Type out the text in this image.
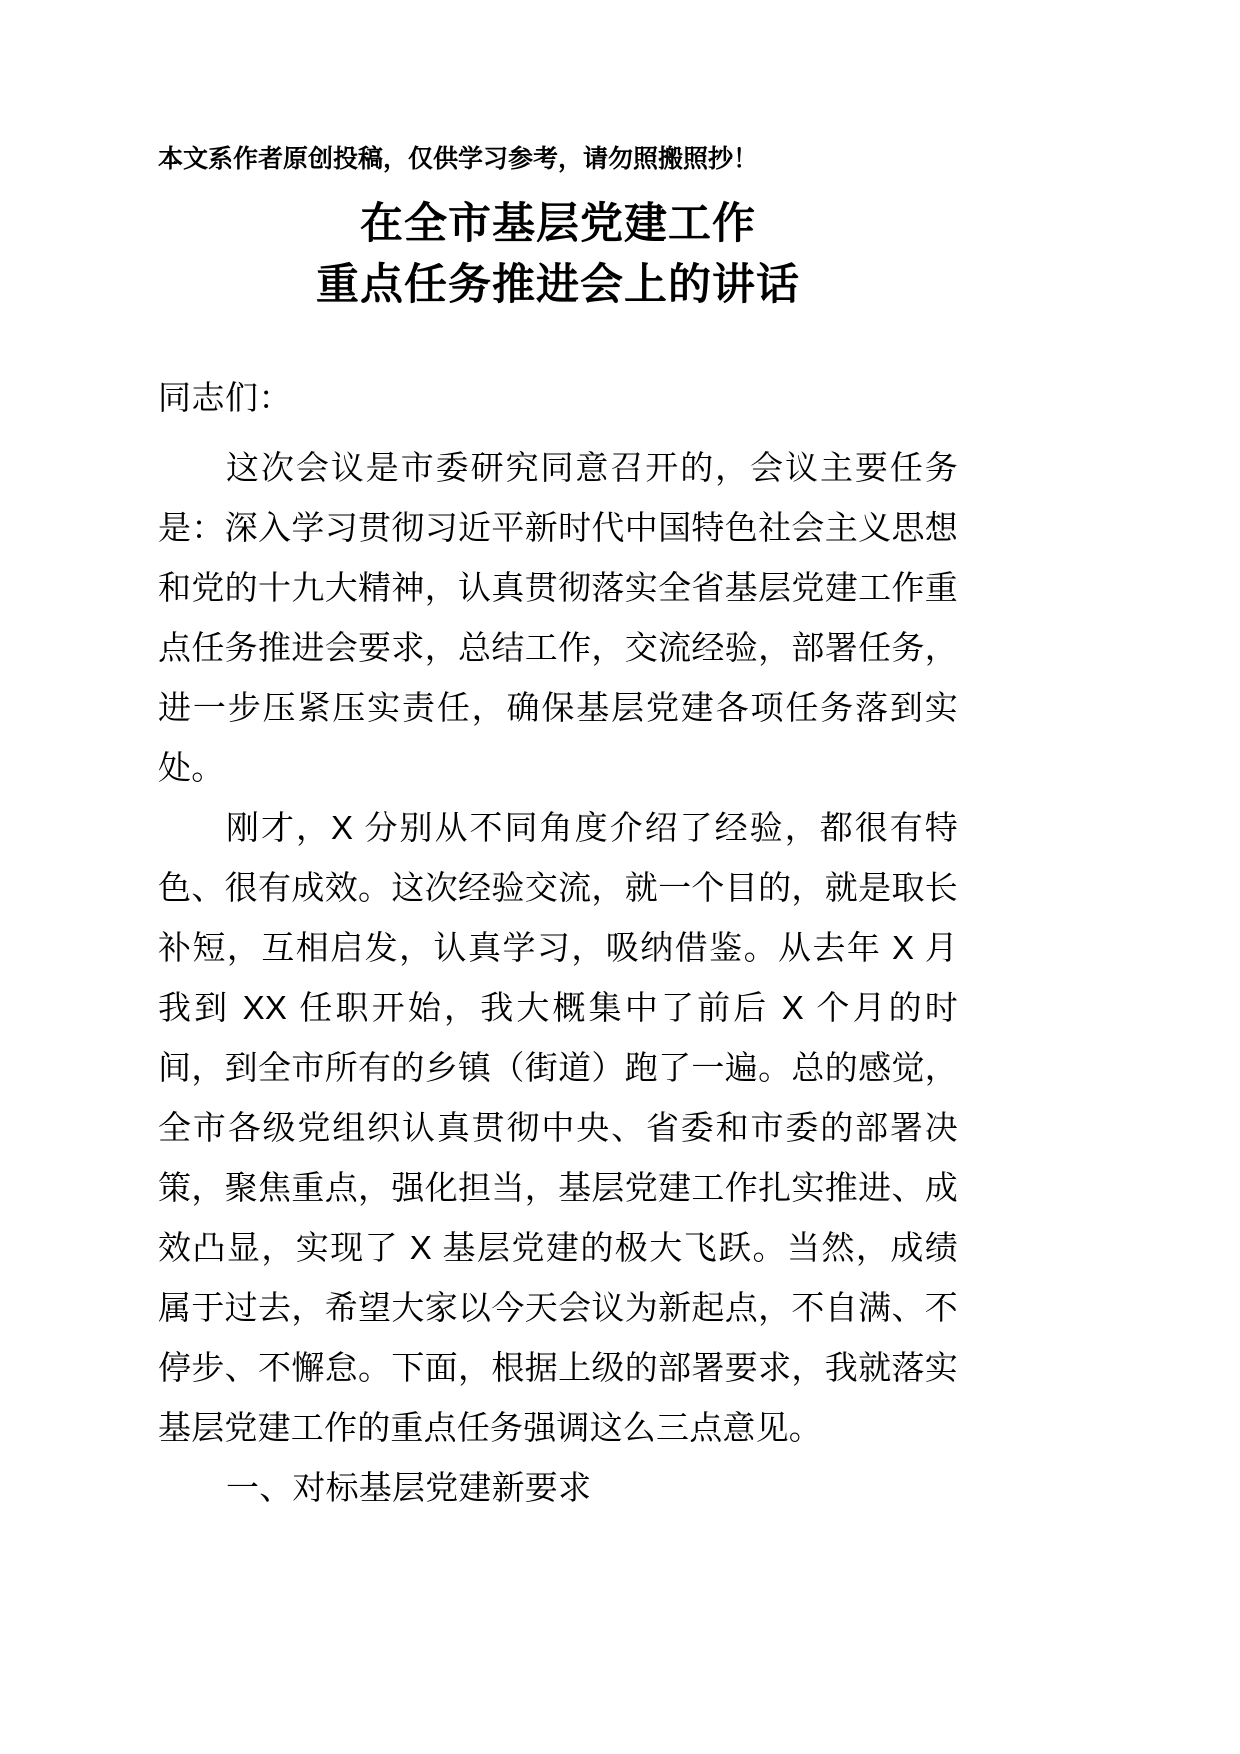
本文系作者原创投稿，仅供学习参考，请勿照搬照抄！
在全市基层党建工作
重点任务推进会上的讲话
同志们：

这次会议是市委研究同意召开的，会议主要任务是：深入学习贯彻习近平新时代中国特色社会主义思想和党的十九大精神，认真贯彻落实全省基层党建工作重点任务推进会要求，总结工作，交流经验，部署任务，进一步压紧压实责任，确保基层党建各项任务落到实处。

刚才，X 分别从不同角度介绍了经验，都很有特色、很有成效。这次经验交流，就一个目的，就是取长补短，互相启发，认真学习，吸纳借鉴。从去年 X 月我到 XX 任职开始，我大概集中了前后 X 个月的时间，到全市所有的乡镇（街道）跑了一遍。总的感觉，全市各级党组织认真贯彻中央、省委和市委的部署决策，聚焦重点，强化担当，基层党建工作扎实推进、成效凸显，实现了 X 基层党建的极大飞跃。当然，成绩属于过去，希望大家以今天会议为新起点，不自满、不停步、不懈怠。下面，根据上级的部署要求，我就落实基层党建工作的重点任务强调这么三点意见。

一、对标基层党建新要求
